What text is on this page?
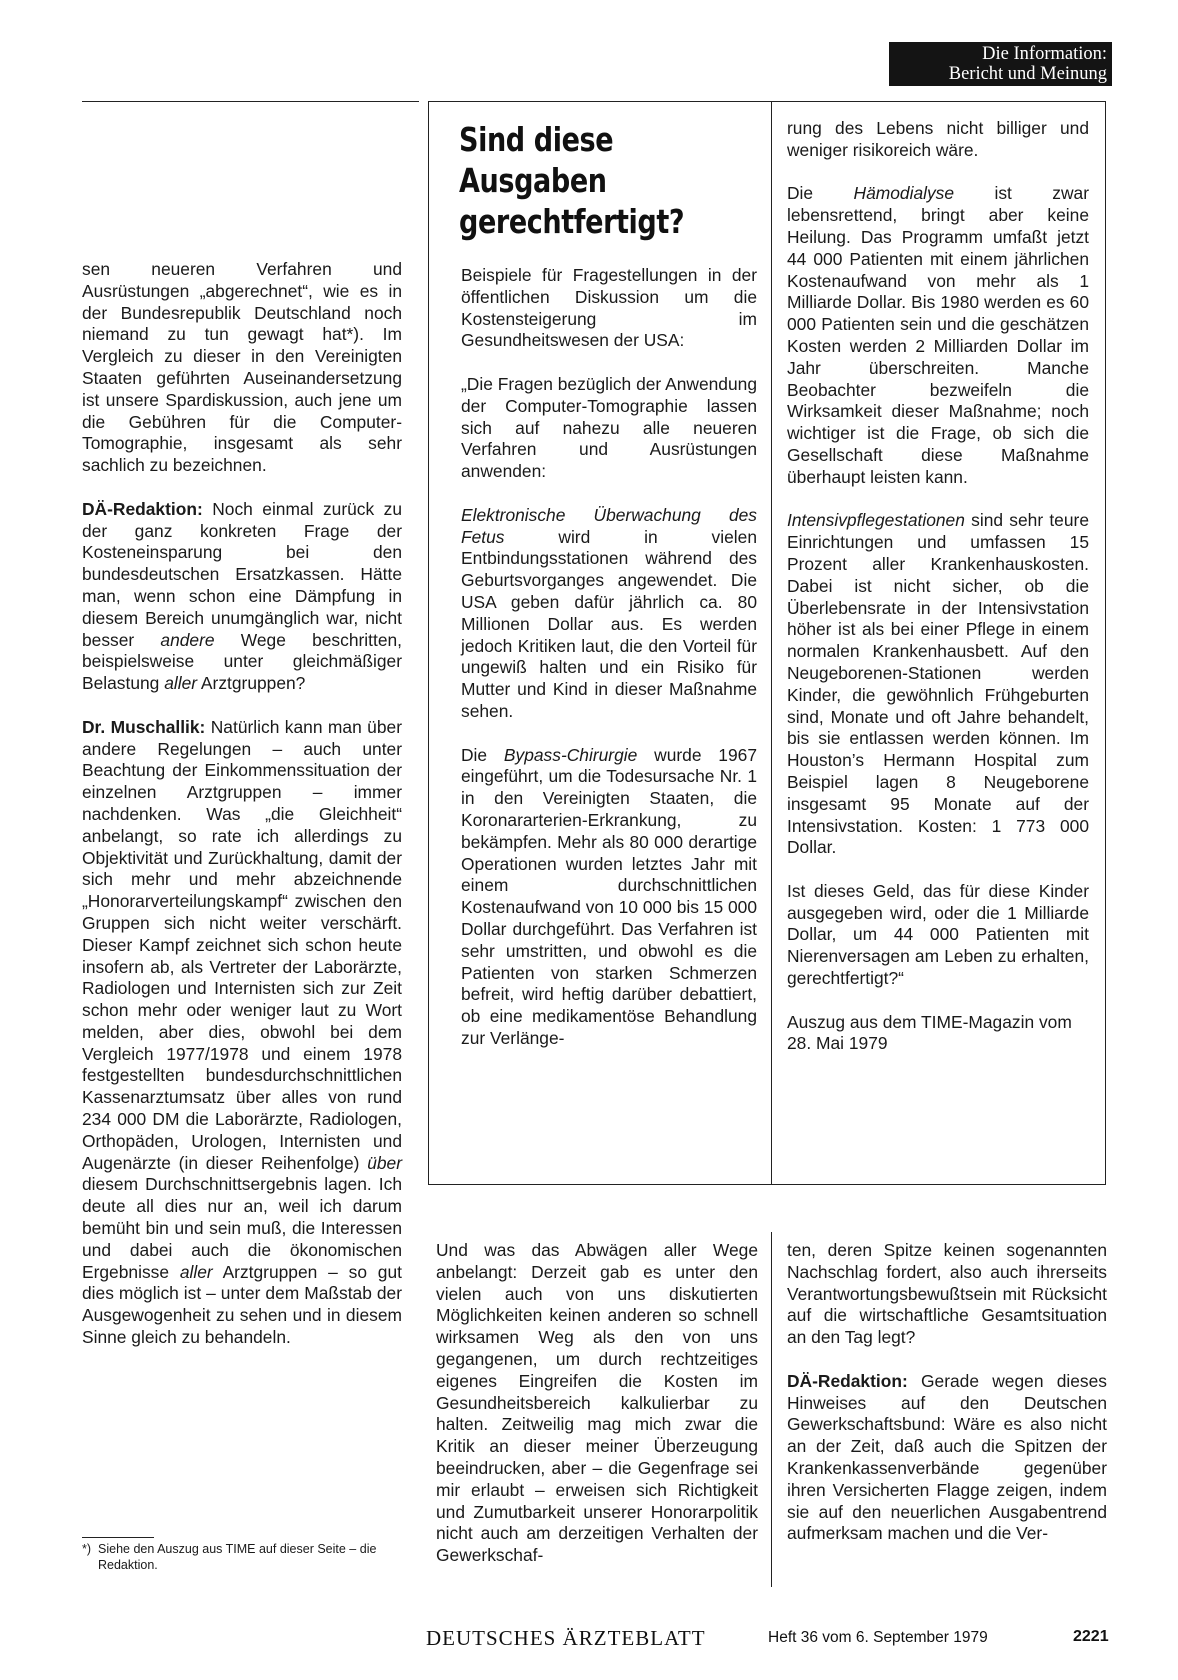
Die Information:
Bericht und Meinung

sen neueren Verfahren und Ausrüstungen „abgerechnet“, wie es in der Bundesrepublik Deutschland noch niemand zu tun gewagt hat*). Im Vergleich zu dieser in den Vereinigten Staaten geführten Auseinandersetzung ist unsere Spardiskussion, auch jene um die Gebühren für die Computer-Tomographie, insgesamt als sehr sachlich zu bezeichnen.

DÄ-Redaktion: Noch einmal zurück zu der ganz konkreten Frage der Kosteneinsparung bei den bundesdeutschen Ersatzkassen. Hätte man, wenn schon eine Dämpfung in diesem Bereich unumgänglich war, nicht besser andere Wege beschritten, beispielsweise unter gleichmäßiger Belastung aller Arztgruppen?

Dr. Muschallik: Natürlich kann man über andere Regelungen – auch unter Beachtung der Einkommenssituation der einzelnen Arztgruppen – immer nachdenken. Was „die Gleichheit“ anbelangt, so rate ich allerdings zu Objektivität und Zurückhaltung, damit der sich mehr und mehr abzeichnende „Honorarverteilungskampf“ zwischen den Gruppen sich nicht weiter verschärft. Dieser Kampf zeichnet sich schon heute insofern ab, als Vertreter der Laborärzte, Radiologen und Internisten sich zur Zeit schon mehr oder weniger laut zu Wort melden, aber dies, obwohl bei dem Vergleich 1977/1978 und einem 1978 festgestellten bundesdurchschnittlichen Kassenarztumsatz über alles von rund 234 000 DM die Laborärzte, Radiologen, Orthopäden, Urologen, Internisten und Augenärzte (in dieser Reihenfolge) über diesem Durchschnittsergebnis lagen. Ich deute all dies nur an, weil ich darum bemüht bin und sein muß, die Interessen und dabei auch die ökonomischen Ergebnisse aller Arztgruppen – so gut dies möglich ist – unter dem Maßstab der Ausgewogenheit zu sehen und in diesem Sinne gleich zu behandeln.

Sind diese
Ausgaben
gerechtfertigt?

Beispiele für Fragestellungen in der öffentlichen Diskussion um die Kostensteigerung im Gesundheitswesen der USA:

„Die Fragen bezüglich der Anwendung der Computer-Tomographie lassen sich auf nahezu alle neueren Verfahren und Ausrüstungen anwenden:

Elektronische Überwachung des Fetus wird in vielen Entbindungsstationen während des Geburtsvorganges angewendet. Die USA geben dafür jährlich ca. 80 Millionen Dollar aus. Es werden jedoch Kritiken laut, die den Vorteil für ungewiß halten und ein Risiko für Mutter und Kind in dieser Maßnahme sehen.

Die Bypass-Chirurgie wurde 1967 eingeführt, um die Todesursache Nr. 1 in den Vereinigten Staaten, die Koronararterien-Erkrankung, zu bekämpfen. Mehr als 80 000 derartige Operationen wurden letztes Jahr mit einem durchschnittlichen Kostenaufwand von 10 000 bis 15 000 Dollar durchgeführt. Das Verfahren ist sehr umstritten, und obwohl es die Patienten von starken Schmerzen befreit, wird heftig darüber debattiert, ob eine medikamentöse Behandlung zur Verlänge-

rung des Lebens nicht billiger und weniger risikoreich wäre.

Die Hämodialyse ist zwar lebensrettend, bringt aber keine Heilung. Das Programm umfaßt jetzt 44 000 Patienten mit einem jährlichen Kostenaufwand von mehr als 1 Milliarde Dollar. Bis 1980 werden es 60 000 Patienten sein und die geschätzen Kosten werden 2 Milliarden Dollar im Jahr überschreiten. Manche Beobachter bezweifeln die Wirksamkeit dieser Maßnahme; noch wichtiger ist die Frage, ob sich die Gesellschaft diese Maßnahme überhaupt leisten kann.

Intensivpflegestationen sind sehr teure Einrichtungen und umfassen 15 Prozent aller Krankenhauskosten. Dabei ist nicht sicher, ob die Überlebensrate in der Intensivstation höher ist als bei einer Pflege in einem normalen Krankenhausbett. Auf den Neugeborenen-Stationen werden Kinder, die gewöhnlich Frühgeburten sind, Monate und oft Jahre behandelt, bis sie entlassen werden können. Im Houston’s Hermann Hospital zum Beispiel lagen 8 Neugeborene insgesamt 95 Monate auf der Intensivstation. Kosten: 1 773 000 Dollar.

Ist dieses Geld, das für diese Kinder ausgegeben wird, oder die 1 Milliarde Dollar, um 44 000 Patienten mit Nierenversagen am Leben zu erhalten, gerechtfertigt?“

Auszug aus dem TIME-Magazin vom 28. Mai 1979

Und was das Abwägen aller Wege anbelangt: Derzeit gab es unter den vielen auch von uns diskutierten Möglichkeiten keinen anderen so schnell wirksamen Weg als den von uns gegangenen, um durch rechtzeitiges eigenes Eingreifen die Kosten im Gesundheitsbereich kalkulierbar zu halten. Zeitweilig mag mich zwar die Kritik an dieser meiner Überzeugung beeindrucken, aber – die Gegenfrage sei mir erlaubt – erweisen sich Richtigkeit und Zumutbarkeit unserer Honorarpolitik nicht auch am derzeitigen Verhalten der Gewerkschaf-

ten, deren Spitze keinen sogenannten Nachschlag fordert, also auch ihrerseits Verantwortungsbewußtsein mit Rücksicht auf die wirtschaftliche Gesamtsituation an den Tag legt?

DÄ-Redaktion: Gerade wegen dieses Hinweises auf den Deutschen Gewerkschaftsbund: Wäre es also nicht an der Zeit, daß auch die Spitzen der Krankenkassenverbände gegenüber ihren Versicherten Flagge zeigen, indem sie auf den neuerlichen Ausgabentrend aufmerksam machen und die Ver-

*) Siehe den Auszug aus TIME auf dieser Seite – die Redaktion.
DEUTSCHES ÄRZTEBLATT	Heft 36 vom 6. September 1979	2221
